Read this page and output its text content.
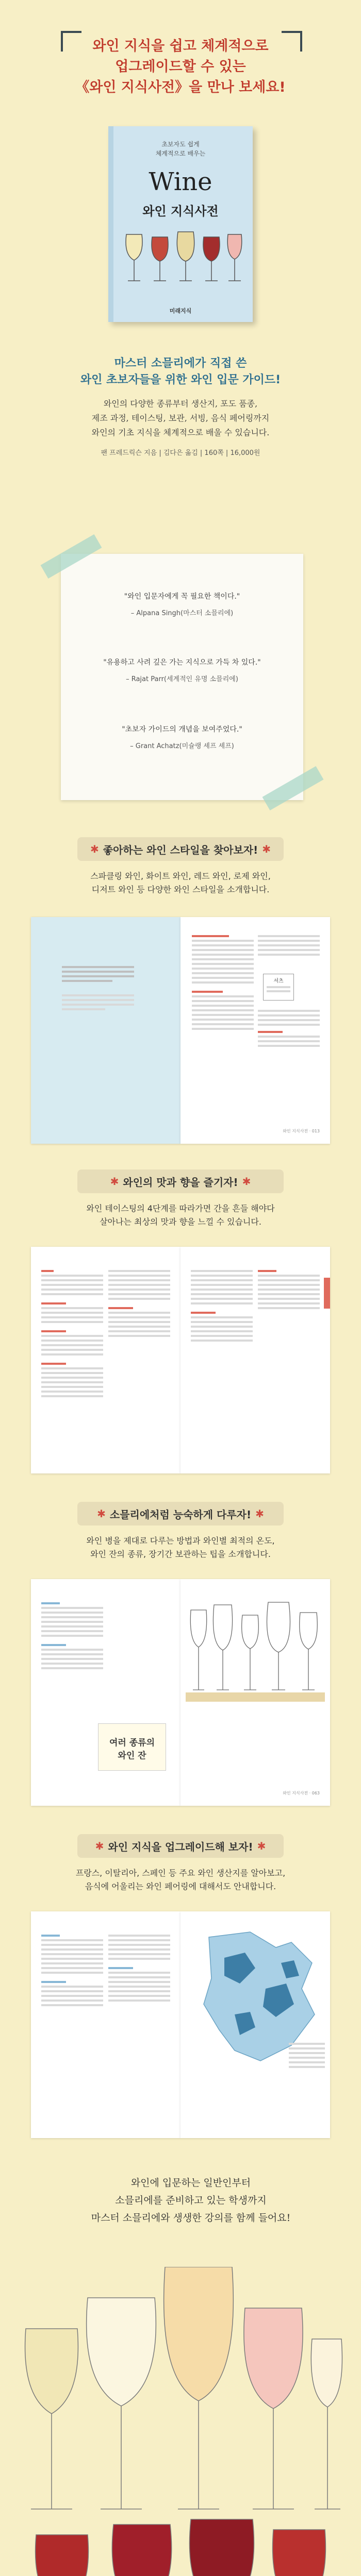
와인 지식을 쉽고 체계적으로
업그레이드할 수 있는
《와인 지식사전》을 만나 보세요!
초보자도 쉽게
체계적으로 배우는
Wine
와인 지식사전
미래지식
마스터 소믈리에가 직접 쓴
와인 초보자들을 위한 와인 입문 가이드!
와인의 다양한 종류부터 생산지, 포도 품종,
제조 과정, 테이스팅, 보관, 서빙, 음식 페어링까지
와인의 기초 지식을 체계적으로 배울 수 있습니다.
팬 프레드릭슨 지음 | 김다은 옮김 | 160쪽 | 16,000원
"와인 입문자에게 꼭 필요한 책이다."
– Alpana Singh(마스터 소믈리에)
"유용하고 사려 깊은 가는 지식으로 가득 차 있다."
– Rajat Parr(세계적인 유명 소믈리에)
"초보자 가이드의 개념을 보여주었다."
– Grant Achatz(미슐랭 셰프 셰프)
✱ 좋아하는 와인 스타일을 찾아보자! ✱
스파클링 와인, 화이트 와인, 레드 와인, 로제 와인,
디저트 와인 등 다양한 와인 스타일을 소개합니다.
셔츠
와인 지식사전 · 013
✱ 와인의 맛과 향을 즐기자! ✱
와인 테이스팅의 4단계를 따라가면 간을 흔들 해야다
살아나는 최상의 맛과 향을 느낄 수 있습니다.
✱ 소믈리에처럼 능숙하게 다루자! ✱
와인 병을 제대로 다루는 방법과 와인별 최적의 온도,
와인 잔의 종류, 장기간 보관하는 팁을 소개합니다.
여러 종류의
와인 잔
와인 지식사전 · 063
✱ 와인 지식을 업그레이드해 보자! ✱
프랑스, 이탈리아, 스페인 등 주요 와인 생산지를 알아보고,
음식에 어울리는 와인 페어링에 대해서도 안내합니다.
와인에 입문하는 일반인부터
소믈리에를 준비하고 있는 학생까지
마스터 소믈리에와 생생한 강의를 함께 들어요!
